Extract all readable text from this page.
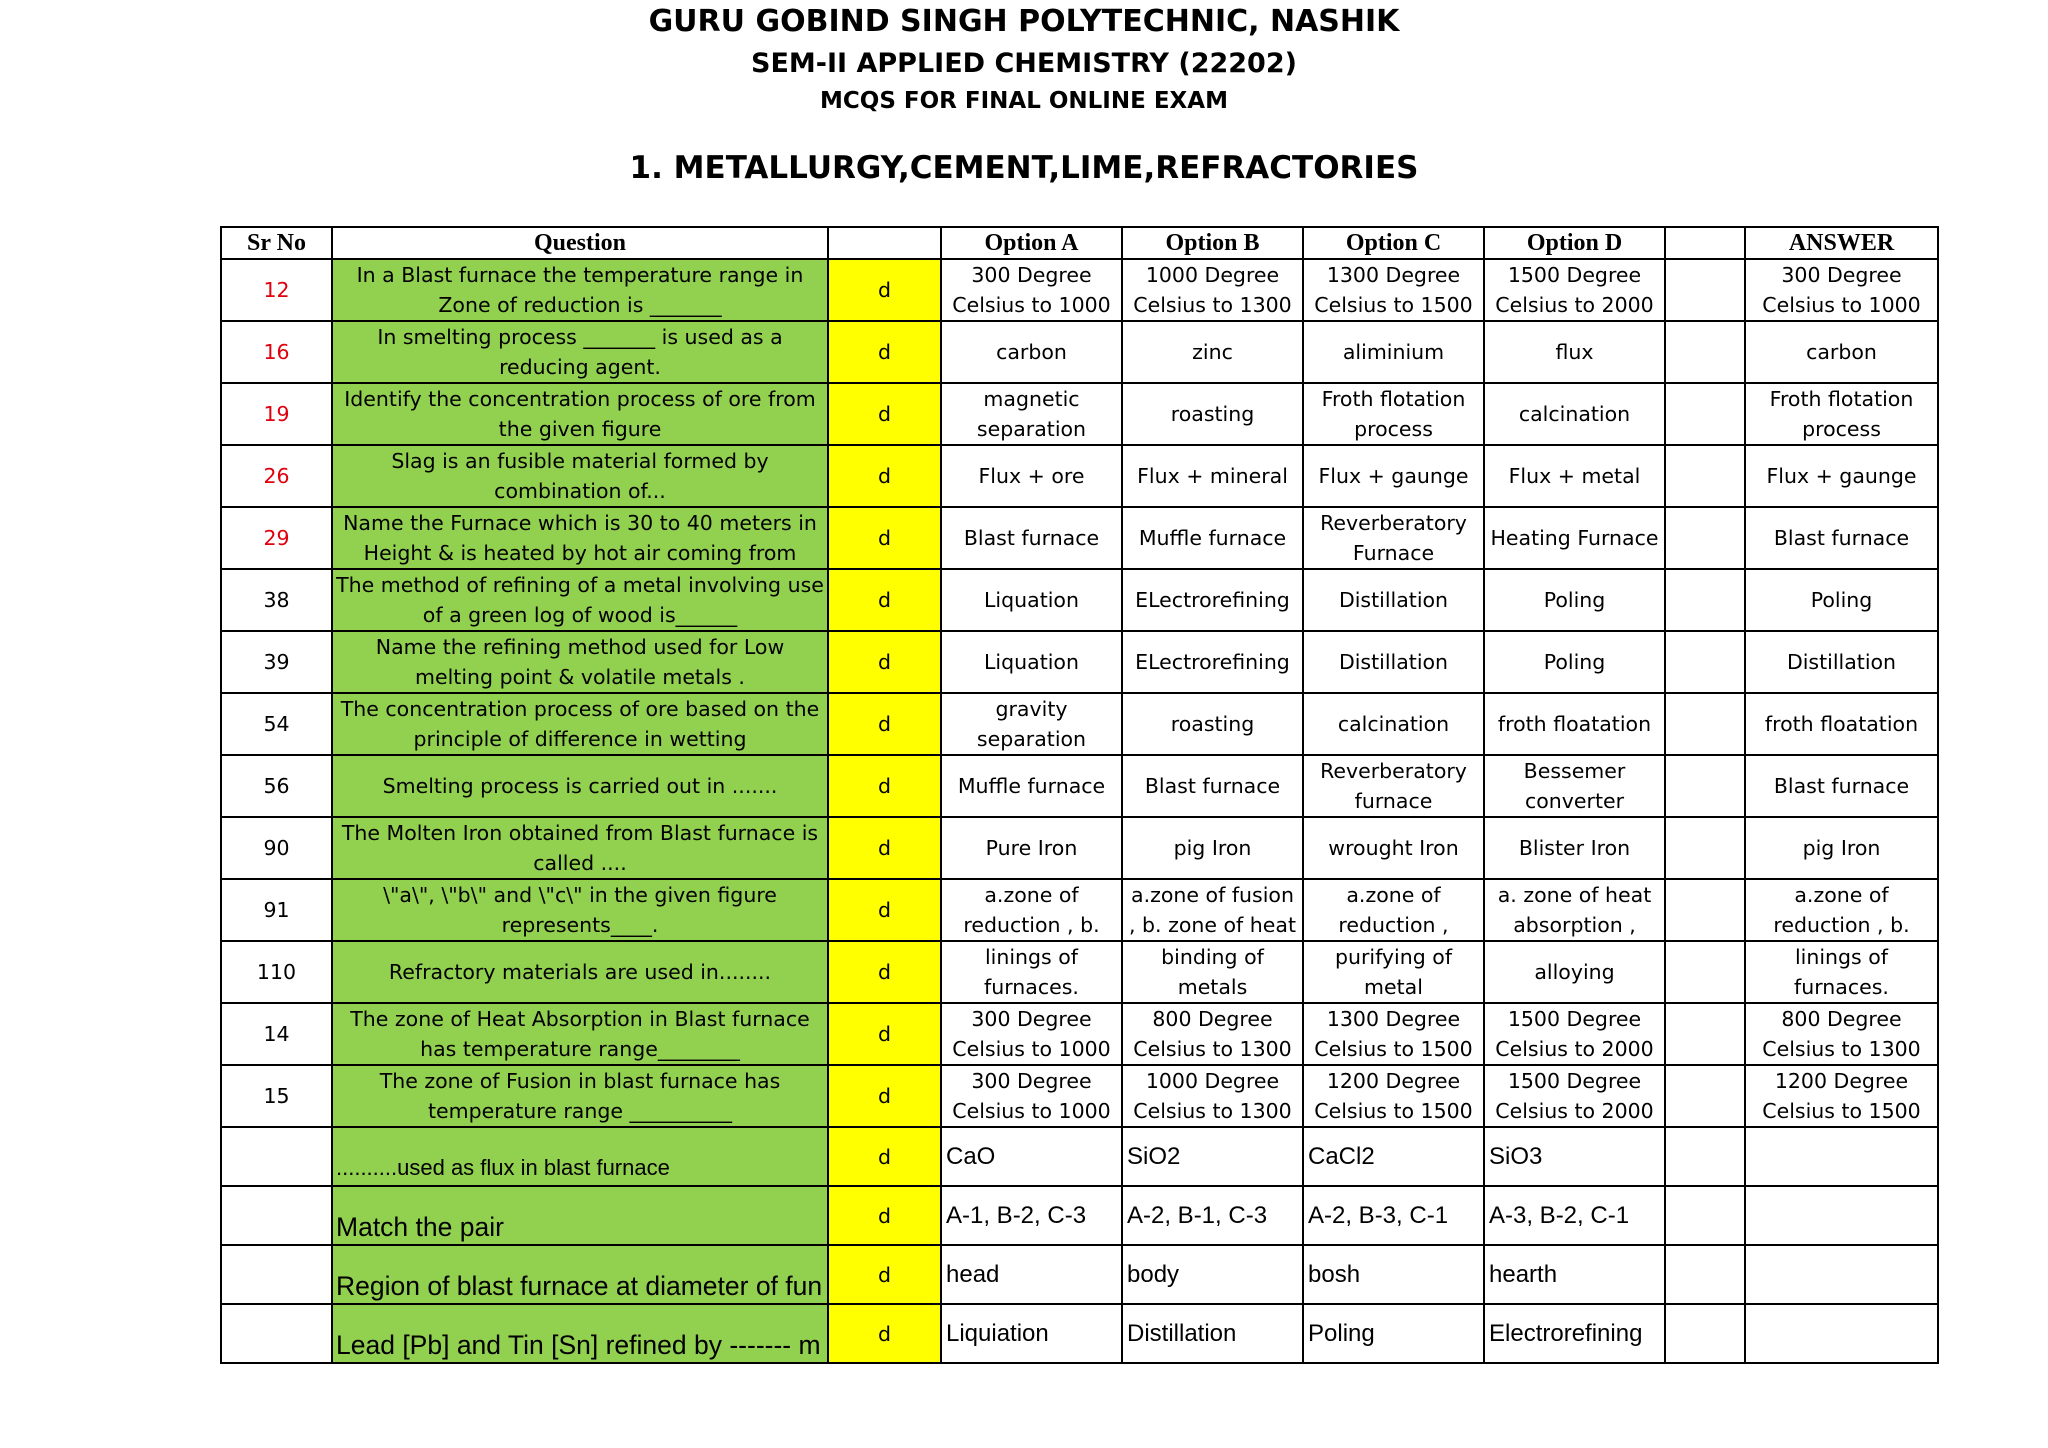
GURU GOBIND SINGH POLYTECHNIC, NASHIK
SEM-II APPLIED CHEMISTRY (22202)
MCQS FOR FINAL ONLINE EXAM
1. METALLURGY,CEMENT,LIME,REFRACTORIES
Sr No	Question		Option A	Option B	Option C	Option D		ANSWER
12	In a Blast furnace the temperature range in Zone of reduction is _______	d	300 Degree Celsius to 1000	1000 Degree Celsius to 1300	1300 Degree Celsius to 1500	1500 Degree Celsius to 2000		300 Degree Celsius to 1000

16	In smelting process _______ is used as a reducing agent.	d	carbon	zinc	aliminium	flux		carbon

19	Identify the concentration process of ore from the given figure	d	magnetic separation	roasting	Froth flotation process	calcination		Froth flotation process

26	Slag is an fusible material formed by combination of...	d	Flux + ore	Flux + mineral	Flux + gaunge	Flux + metal		Flux + gaunge

29	Name the Furnace which is 30 to 40 meters in Height & is heated by hot air coming from	d	Blast furnace	Muffle furnace	Reverberatory Furnace	Heating Furnace		Blast furnace

38	The method of refining of a metal involving use of a green log of wood is______	d	Liquation	ELectrorefining	Distillation	Poling		Poling

39	Name the refining method used for Low melting point & volatile metals .	d	Liquation	ELectrorefining	Distillation	Poling		Distillation

54	The concentration process of ore based on the principle of difference in wetting	d	gravity separation	roasting	calcination	froth floatation		froth floatation

56	Smelting process is carried out in .......	d	Muffle furnace	Blast furnace	Reverberatory furnace	Bessemer converter		Blast furnace

90	The Molten Iron obtained from Blast furnace is called ....	d	Pure Iron	pig Iron	wrought Iron	Blister Iron		pig Iron

91	\"a\", \"b\" and \"c\" in the given figure represents____.	d	a.zone of reduction , b.	a.zone of fusion , b. zone of heat	a.zone of reduction ,	a. zone of heat absorption ,		a.zone of reduction , b.

110	Refractory materials are used in........	d	linings of furnaces.	binding of metals	purifying of metal	alloying		linings of furnaces.

14	The zone of Heat Absorption in Blast furnace has temperature range________	d	300 Degree Celsius to 1000	800 Degree Celsius to 1300	1300 Degree Celsius to 1500	1500 Degree Celsius to 2000		800 Degree Celsius to 1300

15	The zone of Fusion in blast furnace has temperature range __________	d	300 Degree Celsius to 1000	1000 Degree Celsius to 1300	1200 Degree Celsius to 1500	1500 Degree Celsius to 2000		1200 Degree Celsius to 1500

	..........used as flux in blast furnace	d	CaO	SiO2	CaCl2	SiO3		

	Match the pair	d	A-1, B-2, C-3	A-2, B-1, C-3	A-2, B-3, C-1	A-3, B-2, C-1		

	Region of blast furnace at diameter of fun	d	head	body	bosh	hearth		

	Lead [Pb] and Tin [Sn] refined by ------- m	d	Liquiation	Distillation	Poling	Electrorefining		
